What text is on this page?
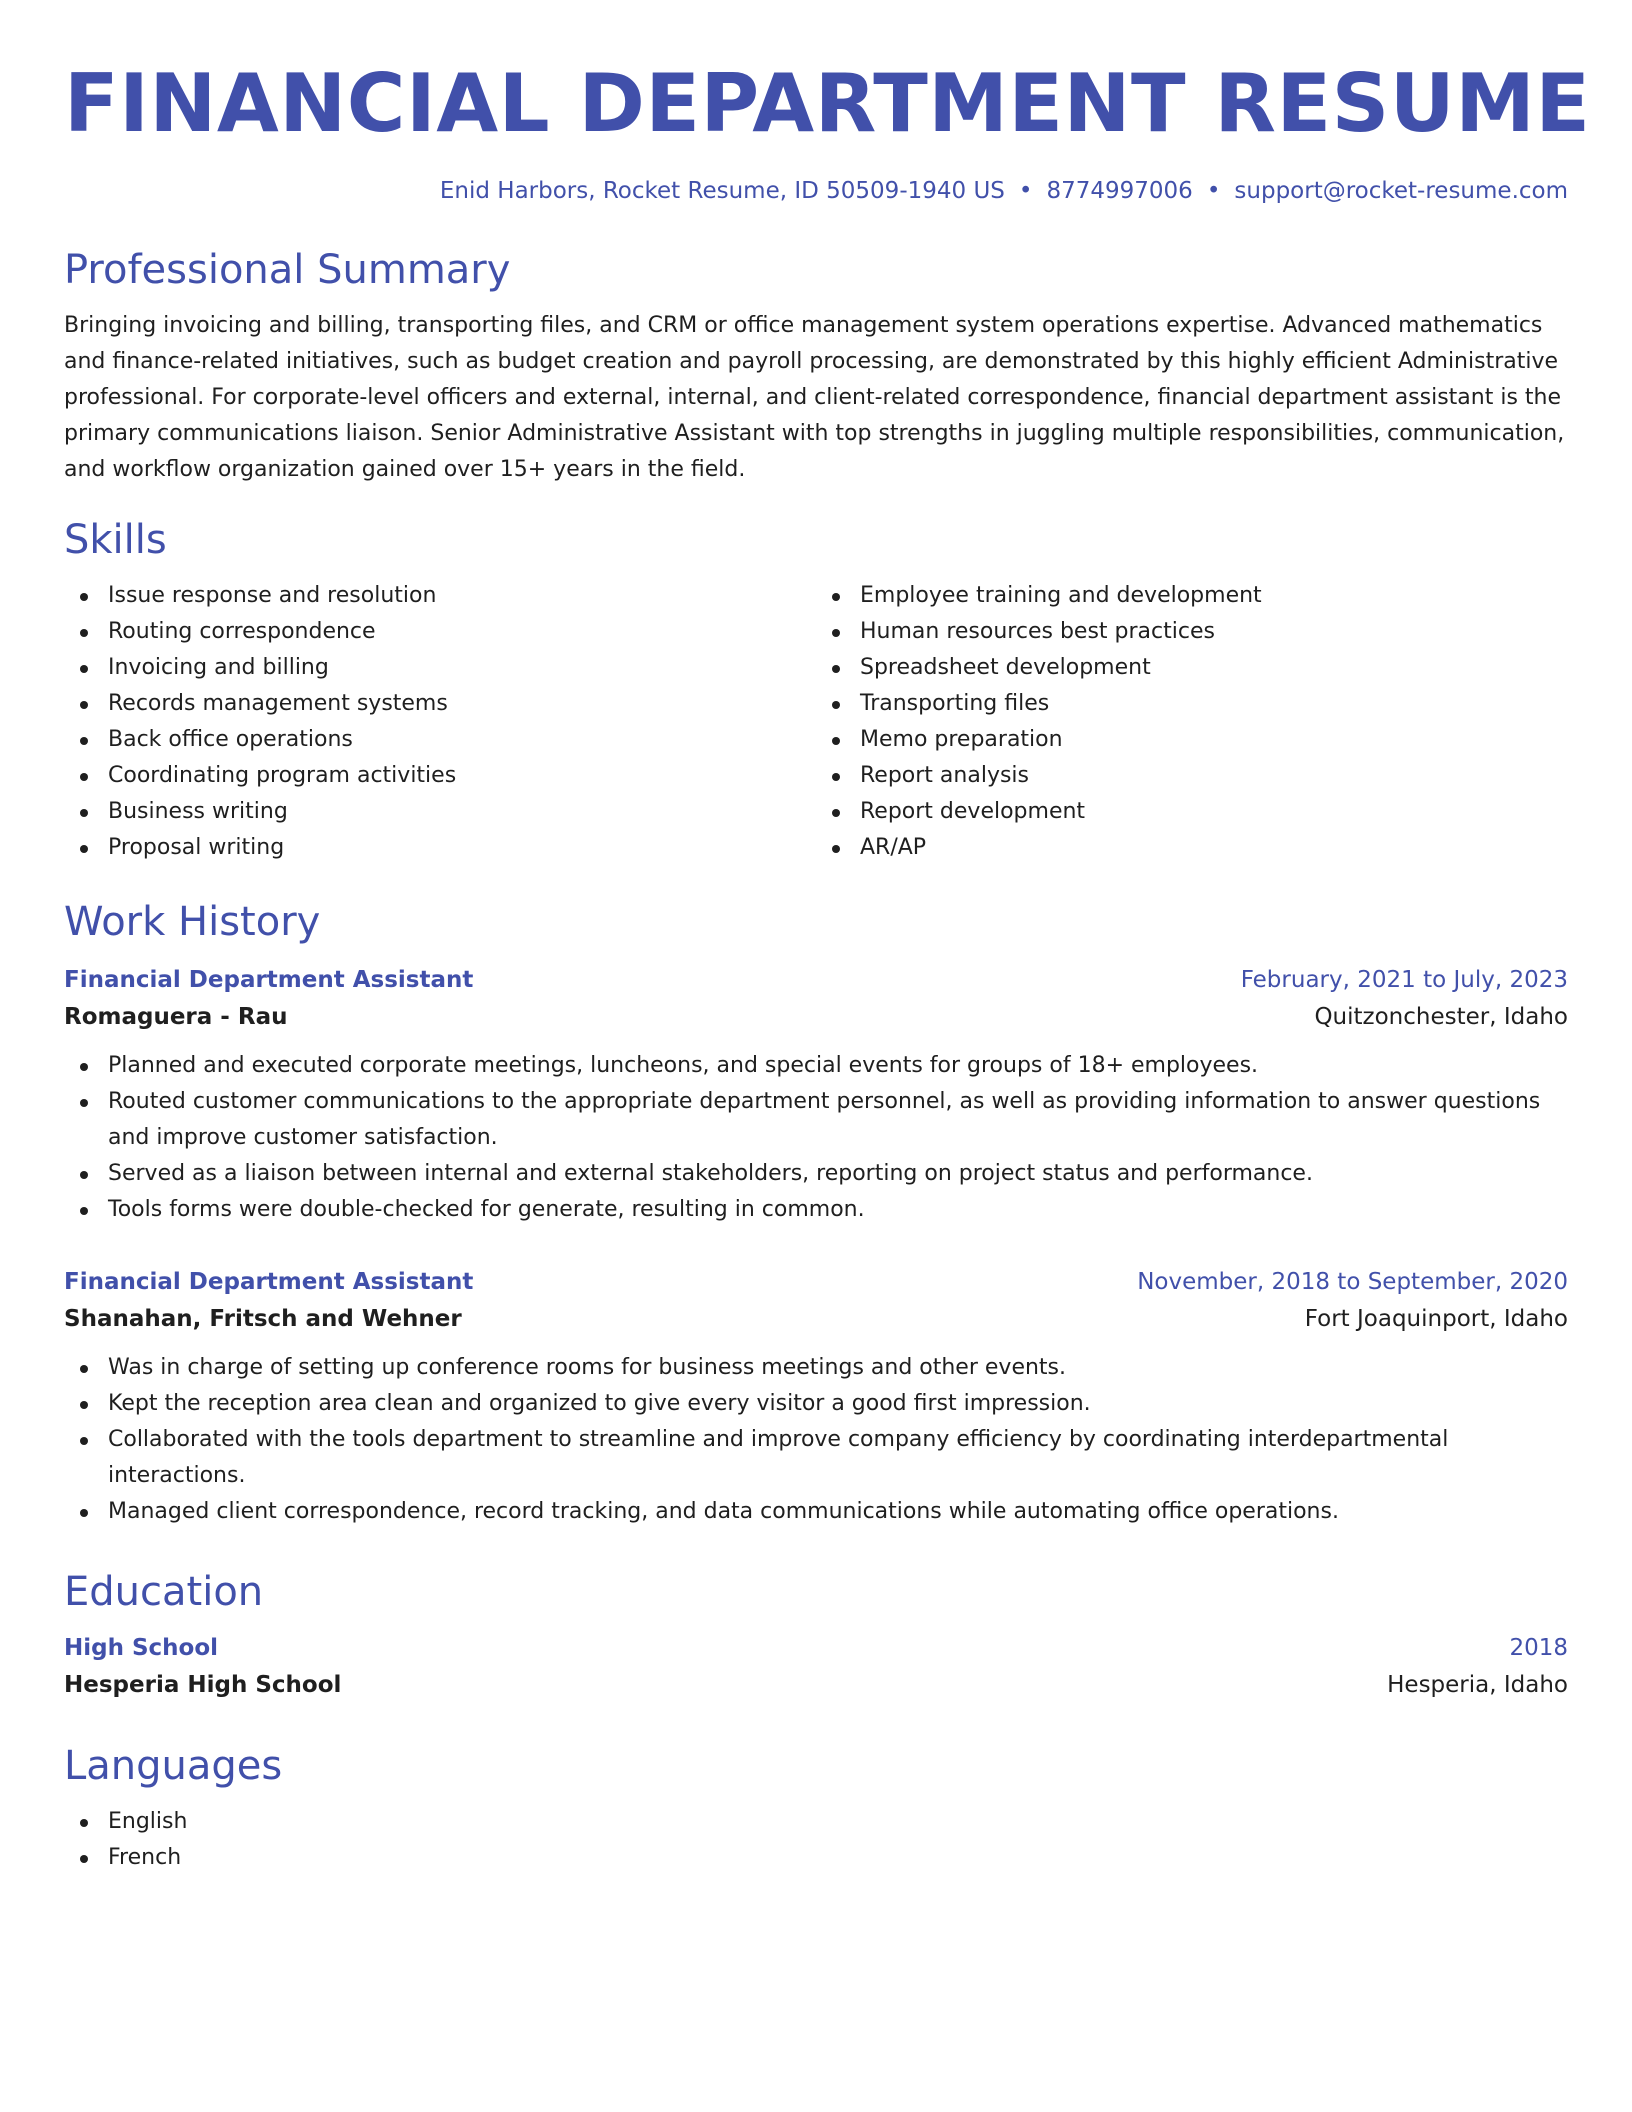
FINANCIAL DEPARTMENT RESUME
Enid Harbors, Rocket Resume, ID 50509-1940 US • 8774997006 • support@rocket-resume.com
Professional Summary

Bringing invoicing and billing, transporting files, and CRM or office management system operations expertise. Advanced mathematics and finance-related initiatives, such as budget creation and payroll processing, are demonstrated by this highly efficient Administrative professional. For corporate-level officers and external, internal, and client-related correspondence, financial department assistant is the primary communications liaison. Senior Administrative Assistant with top strengths in juggling multiple responsibilities, communication, and workflow organization gained over 15+ years in the field.

Skills
Issue response and resolution
Routing correspondence
Invoicing and billing
Records management systems
Back office operations
Coordinating program activities
Business writing
Proposal writing
Employee training and development
Human resources best practices
Spreadsheet development
Transporting files
Memo preparation
Report analysis
Report development
AR/AP
Work History
Financial Department Assistant	February, 2021 to July, 2023
Romaguera - Rau	Quitzonchester, Idaho
Planned and executed corporate meetings, luncheons, and special events for groups of 18+ employees.
Routed customer communications to the appropriate department personnel, as well as providing information to answer questions and improve customer satisfaction.
Served as a liaison between internal and external stakeholders, reporting on project status and performance.
Tools forms were double-checked for generate, resulting in common.
Financial Department Assistant	November, 2018 to September, 2020
Shanahan, Fritsch and Wehner	Fort Joaquinport, Idaho
Was in charge of setting up conference rooms for business meetings and other events.
Kept the reception area clean and organized to give every visitor a good first impression.
Collaborated with the tools department to streamline and improve company efficiency by coordinating interdepartmental interactions.
Managed client correspondence, record tracking, and data communications while automating office operations.
Education
High School	2018
Hesperia High School	Hesperia, Idaho
Languages
English
French
